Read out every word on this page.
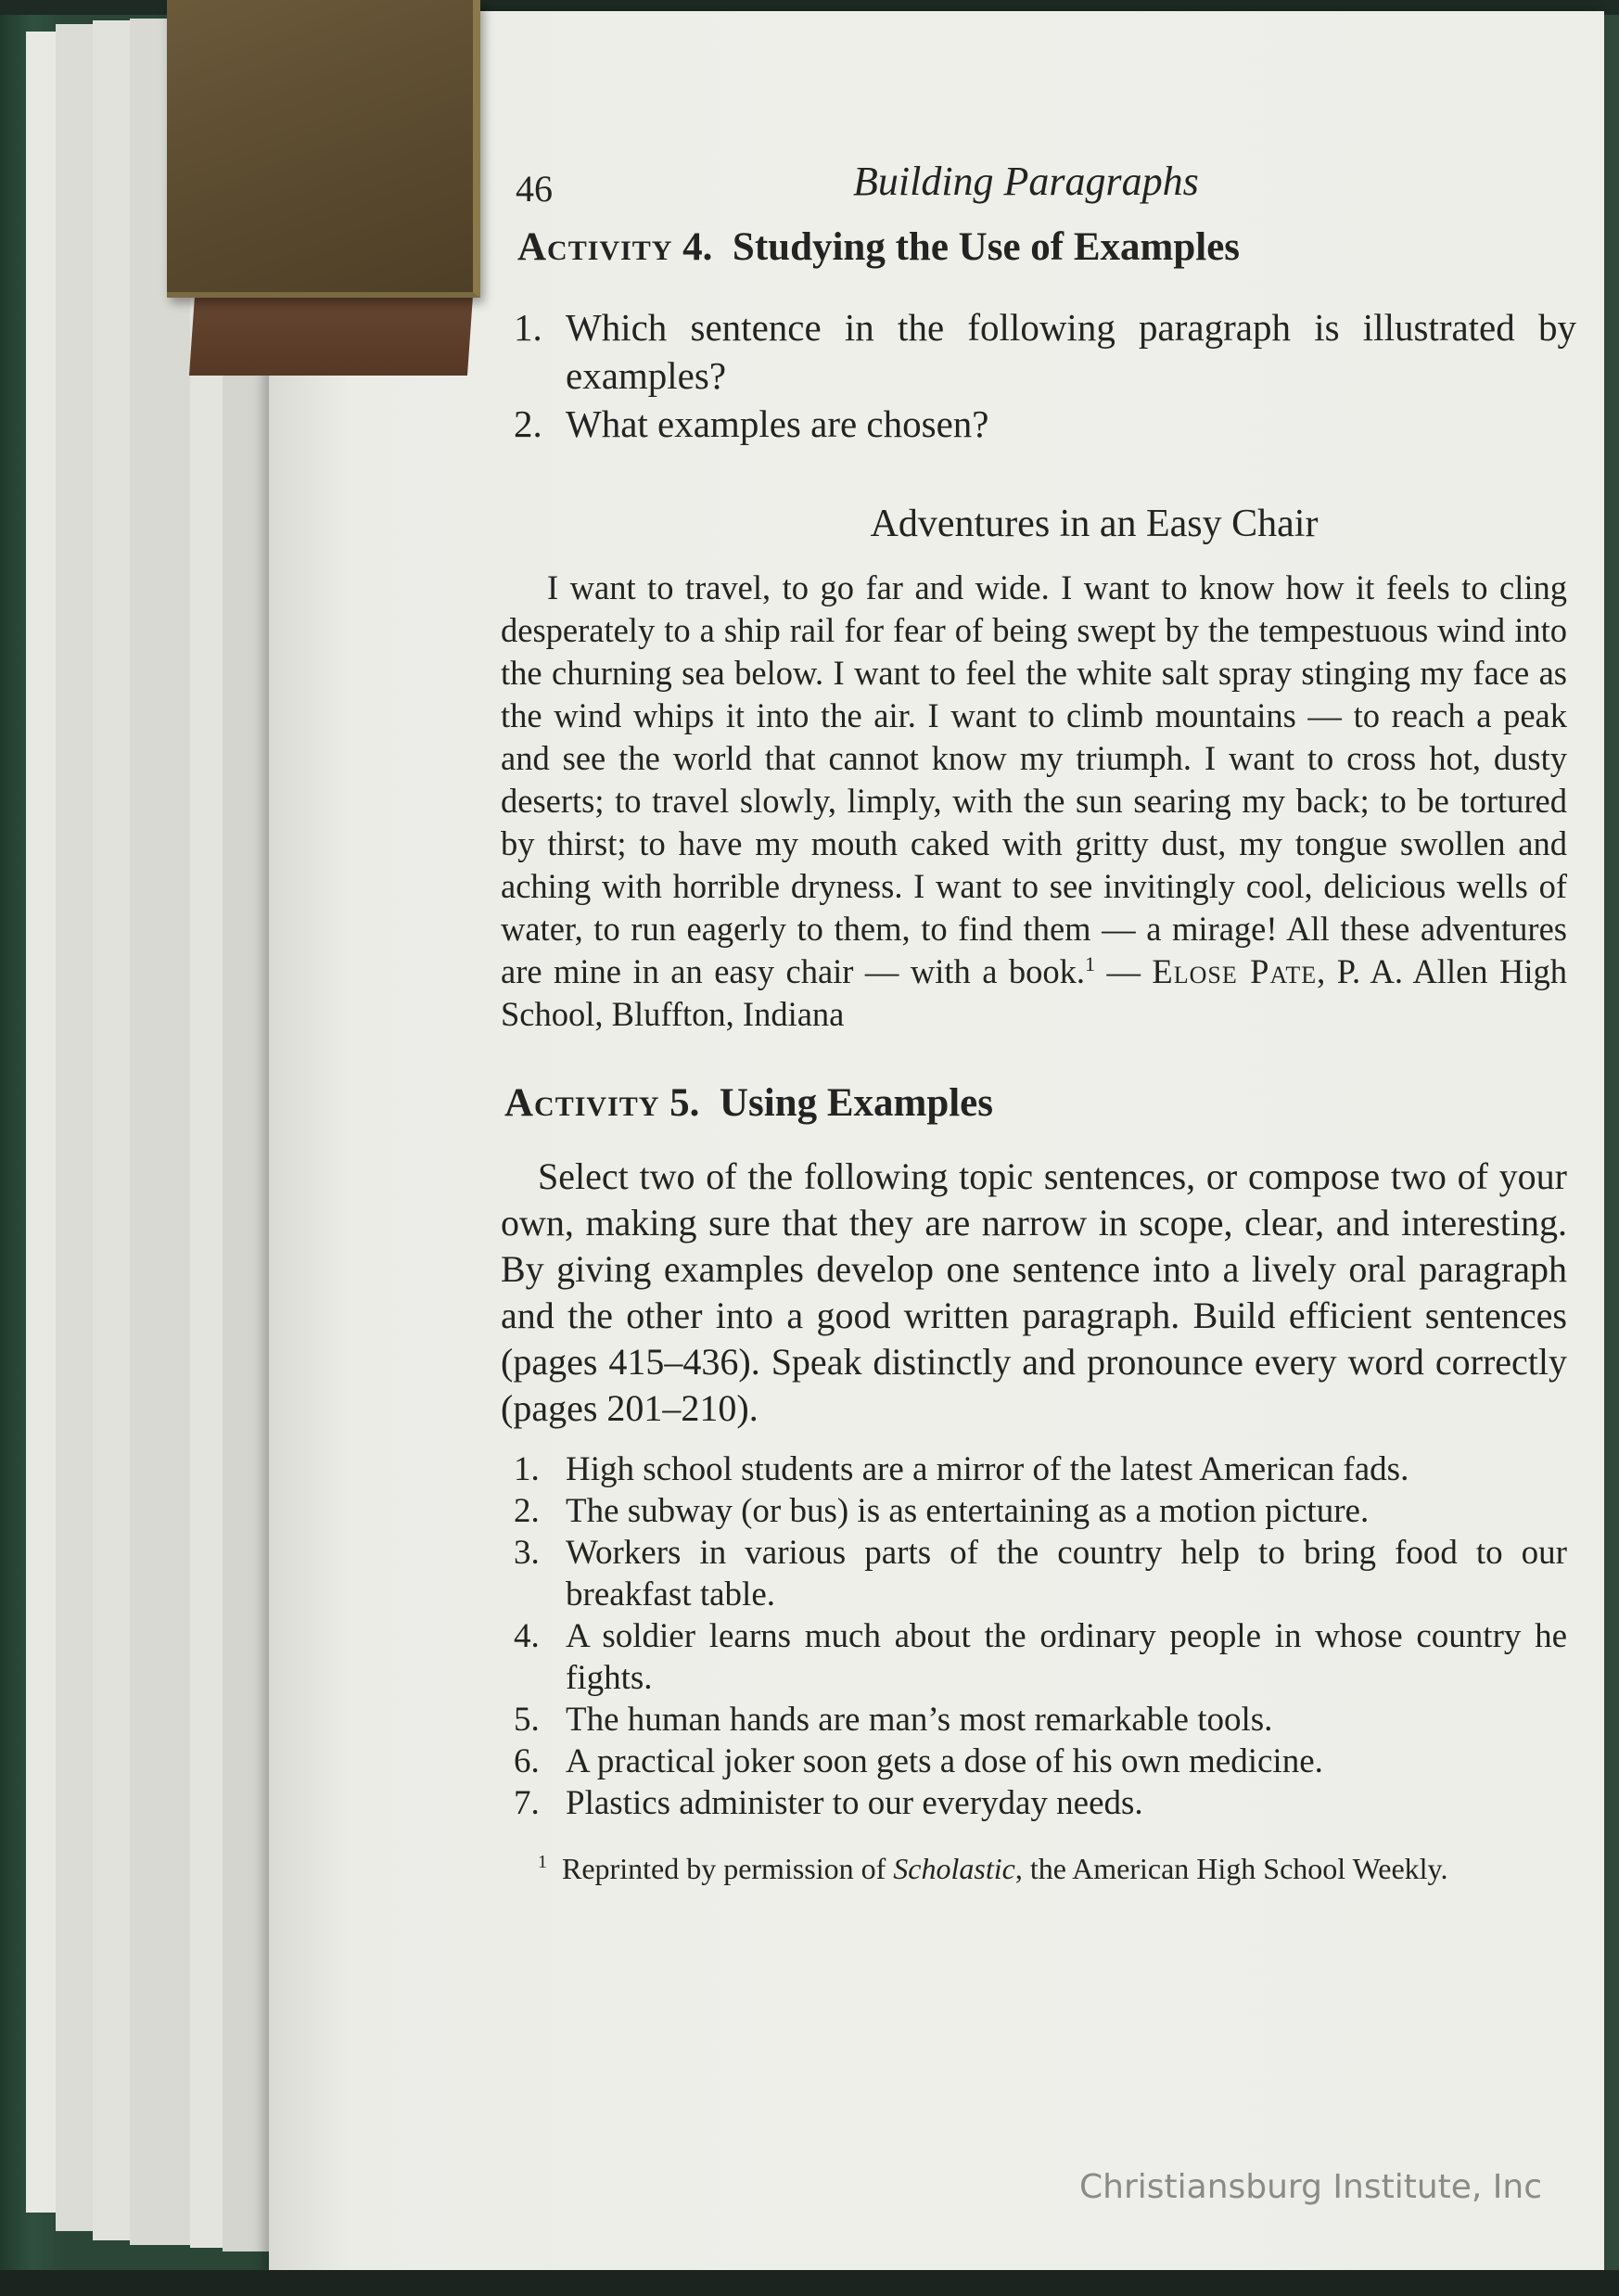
46	Building Paragraphs
Activity 4. Studying the Use of Examples
1. Which sentence in the following paragraph is illustrated by examples?
2. What examples are chosen?
Adventures in an Easy Chair

I want to travel, to go far and wide. I want to know how it feels to cling desperately to a ship rail for fear of being swept by the tempestuous wind into the churning sea below. I want to feel the white salt spray stinging my face as the wind whips it into the air. I want to climb mountains — to reach a peak and see the world that cannot know my triumph. I want to cross hot, dusty deserts; to travel slowly, limply, with the sun searing my back; to be tortured by thirst; to have my mouth caked with gritty dust, my tongue swollen and aching with horrible dryness. I want to see invitingly cool, delicious wells of water, to run eagerly to them, to find them — a mirage! All these adventures are mine in an easy chair — with a book.$^1$ — Elose Pate, P. A. Allen High School, Bluffton, Indiana

Activity 5. Using Examples

Select two of the following topic sentences, or compose two of your own, making sure that they are narrow in scope, clear, and interesting. By giving examples develop one sentence into a lively oral paragraph and the other into a good written paragraph. Build efficient sentences (pages 415–436). Speak distinctly and pronounce every word correctly (pages 201–210).

1. High school students are a mirror of the latest American fads.
2. The subway (or bus) is as entertaining as a motion picture.
3. Workers in various parts of the country help to bring food to our breakfast table.
4. A soldier learns much about the ordinary people in whose country he fights.
5. The human hands are man’s most remarkable tools.
6. A practical joker soon gets a dose of his own medicine.
7. Plastics administer to our everyday needs.
$^1$ Reprinted by permission of Scholastic, the American High School Weekly.
Christiansburg Institute, Inc
